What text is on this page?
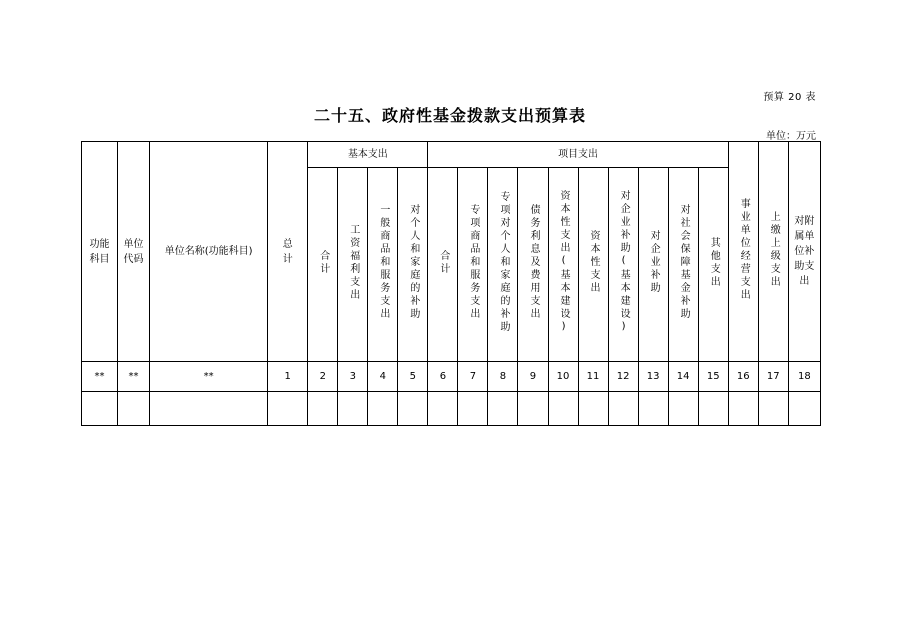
预算 20 表
二十五、政府性基金拨款支出预算表
单位：万元
功能科目	单位代码	单位名称(功能科目)	总计	基本支出				项目支出										事业单位经营支出	上缴上级支出	对附属单位补助支出
				合计	工资福利支出	一般商品和服务支出	对个人和家庭的补助	合计	专项商品和服务支出	专项对个人和家庭的补助	债务利息及费用支出	资本性支出(基本建设)	资本性支出	对企业补助(基本建设)	对企业补助	对社会保障基金补助	其他支出			
**	**	**	1	2	3	4	5	6	7	8	9	10	11	12	13	14	15	16	17	18
